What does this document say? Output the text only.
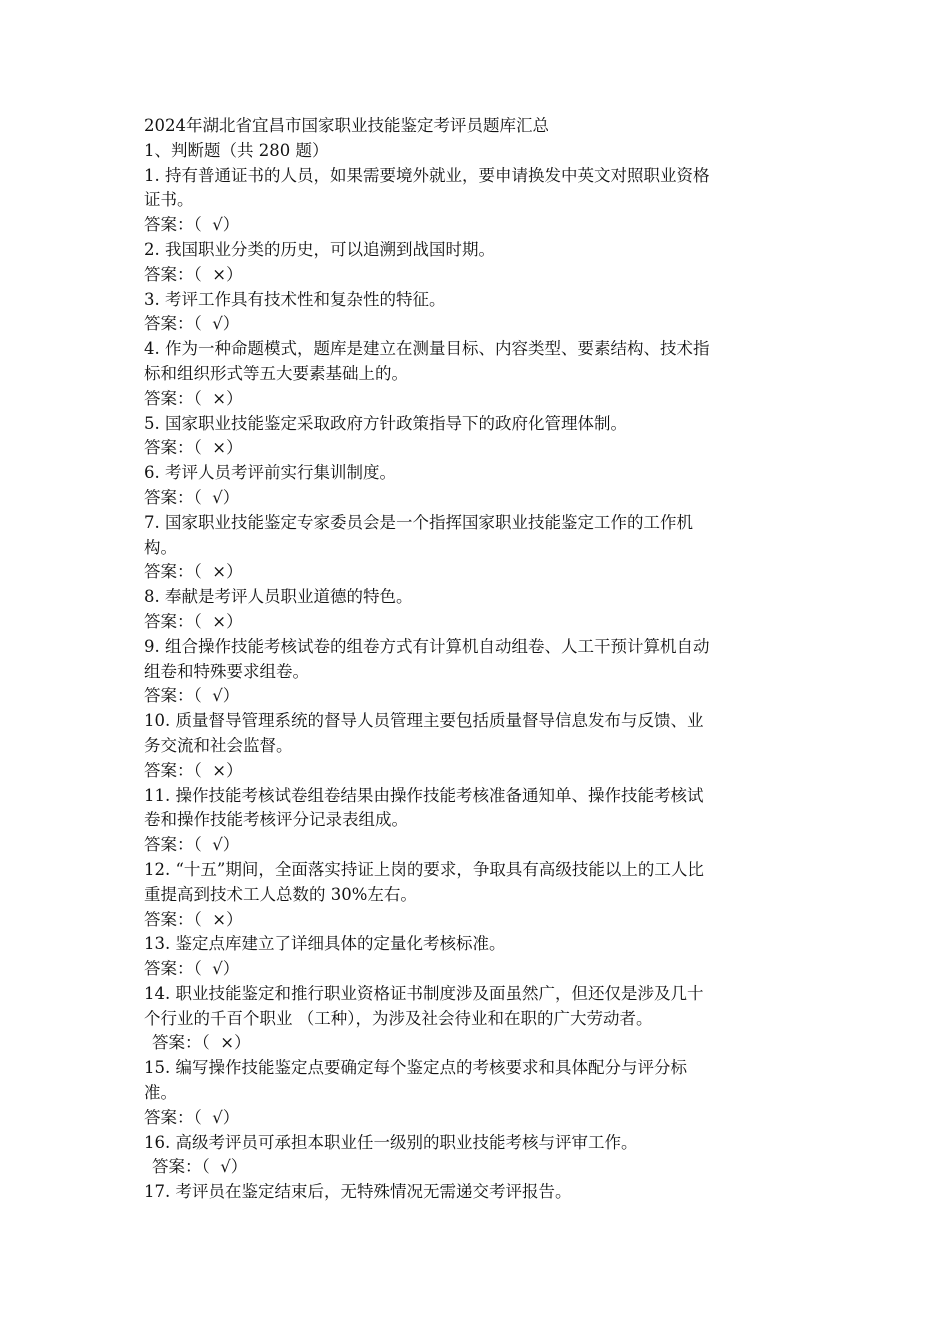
2024年湖北省宜昌市国家职业技能鉴定考评员题库汇总
1、判断题（共 280 题）
1. 持有普通证书的人员，如果需要境外就业，要申请换发中英文对照职业资格
证书。
答案：（  √）
2. 我国职业分类的历史，可以追溯到战国时期。
答案：（  ×）
3. 考评工作具有技术性和复杂性的特征。
答案：（  √）
4. 作为一种命题模式，题库是建立在测量目标、内容类型、要素结构、技术指
标和组织形式等五大要素基础上的。
答案：（  ×）
5. 国家职业技能鉴定采取政府方针政策指导下的政府化管理体制。
答案：（  ×）
6. 考评人员考评前实行集训制度。
答案：（  √）
7. 国家职业技能鉴定专家委员会是一个指挥国家职业技能鉴定工作的工作机
构。
答案：（  ×）
8. 奉献是考评人员职业道德的特色。
答案：（  ×）
9. 组合操作技能考核试卷的组卷方式有计算机自动组卷、人工干预计算机自动
组卷和特殊要求组卷。
答案：（  √）
10. 质量督导管理系统的督导人员管理主要包括质量督导信息发布与反馈、业
务交流和社会监督。
答案：（  ×）
11. 操作技能考核试卷组卷结果由操作技能考核准备通知单、操作技能考核试
卷和操作技能考核评分记录表组成。
答案：（  √）
12. “十五”期间，全面落实持证上岗的要求，争取具有高级技能以上的工人比
重提高到技术工人总数的 30%左右。
答案：（  ×）
13. 鉴定点库建立了详细具体的定量化考核标准。
答案：（  √）
14. 职业技能鉴定和推行职业资格证书制度涉及面虽然广，但还仅是涉及几十
个行业的千百个职业 （工种），为涉及社会待业和在职的广大劳动者。
答案：（  ×）
15. 编写操作技能鉴定点要确定每个鉴定点的考核要求和具体配分与评分标
准。
答案：（  √）
16. 高级考评员可承担本职业任一级别的职业技能考核与评审工作。
答案：（  √）
17. 考评员在鉴定结束后，无特殊情况无需递交考评报告。
